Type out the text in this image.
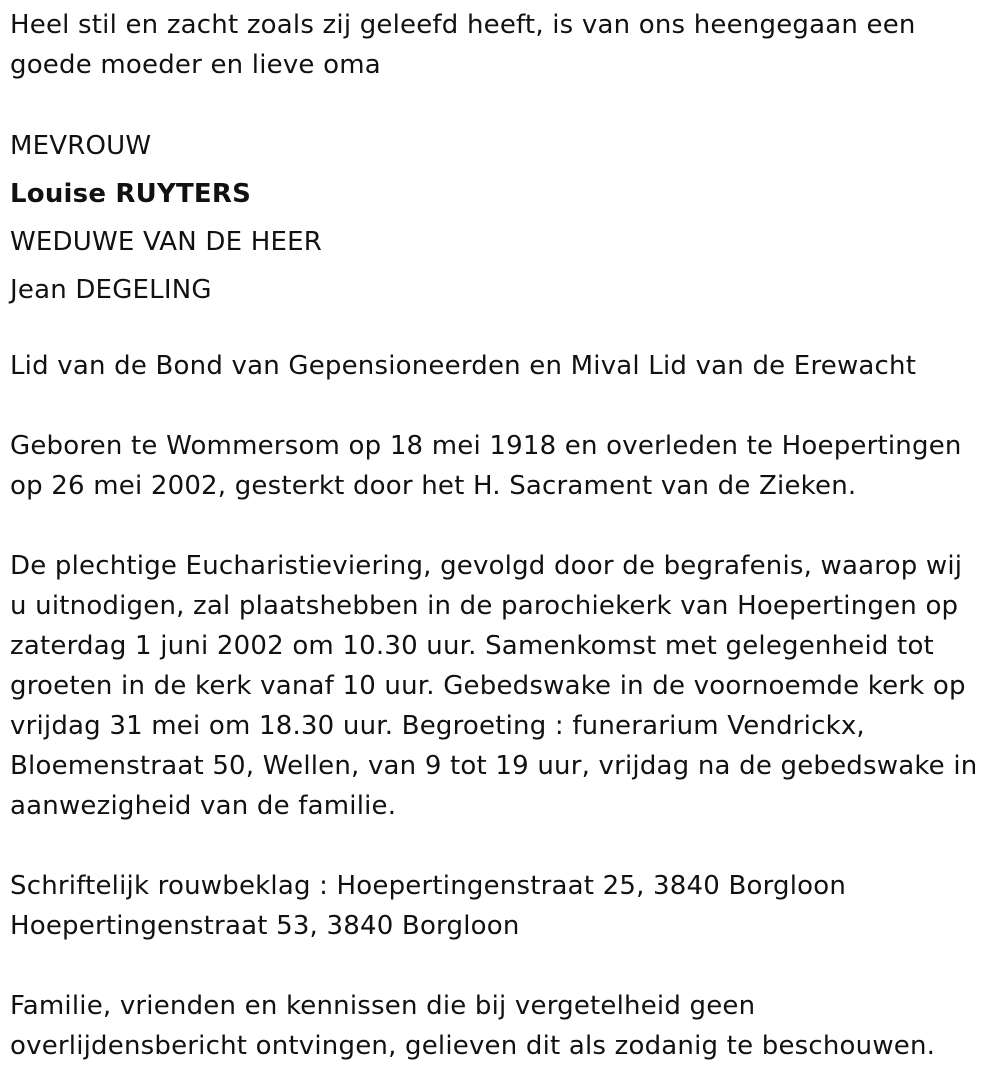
Heel stil en zacht zoals zij geleefd heeft, is van ons heengegaan een

goede moeder en lieve oma

MEVROUW

Louise RUYTERS

WEDUWE VAN DE HEER

Jean DEGELING

Lid van de Bond van Gepensioneerden en Mival Lid van de Erewacht

Geboren te Wommersom op 18 mei 1918 en overleden te Hoepertingen

op 26 mei 2002, gesterkt door het H. Sacrament van de Zieken.

De plechtige Eucharistieviering, gevolgd door de begrafenis, waarop wij

u uitnodigen, zal plaatshebben in de parochiekerk van Hoepertingen op

zaterdag 1 juni 2002 om 10.30 uur. Samenkomst met gelegenheid tot

groeten in de kerk vanaf 10 uur. Gebedswake in de voornoemde kerk op

vrijdag 31 mei om 18.30 uur. Begroeting : funerarium Vendrickx,

Bloemenstraat 50, Wellen, van 9 tot 19 uur, vrijdag na de gebedswake in

aanwezigheid van de familie.

Schriftelijk rouwbeklag : Hoepertingenstraat 25, 3840 Borgloon

Hoepertingenstraat 53, 3840 Borgloon

Familie, vrienden en kennissen die bij vergetelheid geen

overlijdensbericht ontvingen, gelieven dit als zodanig te beschouwen.
